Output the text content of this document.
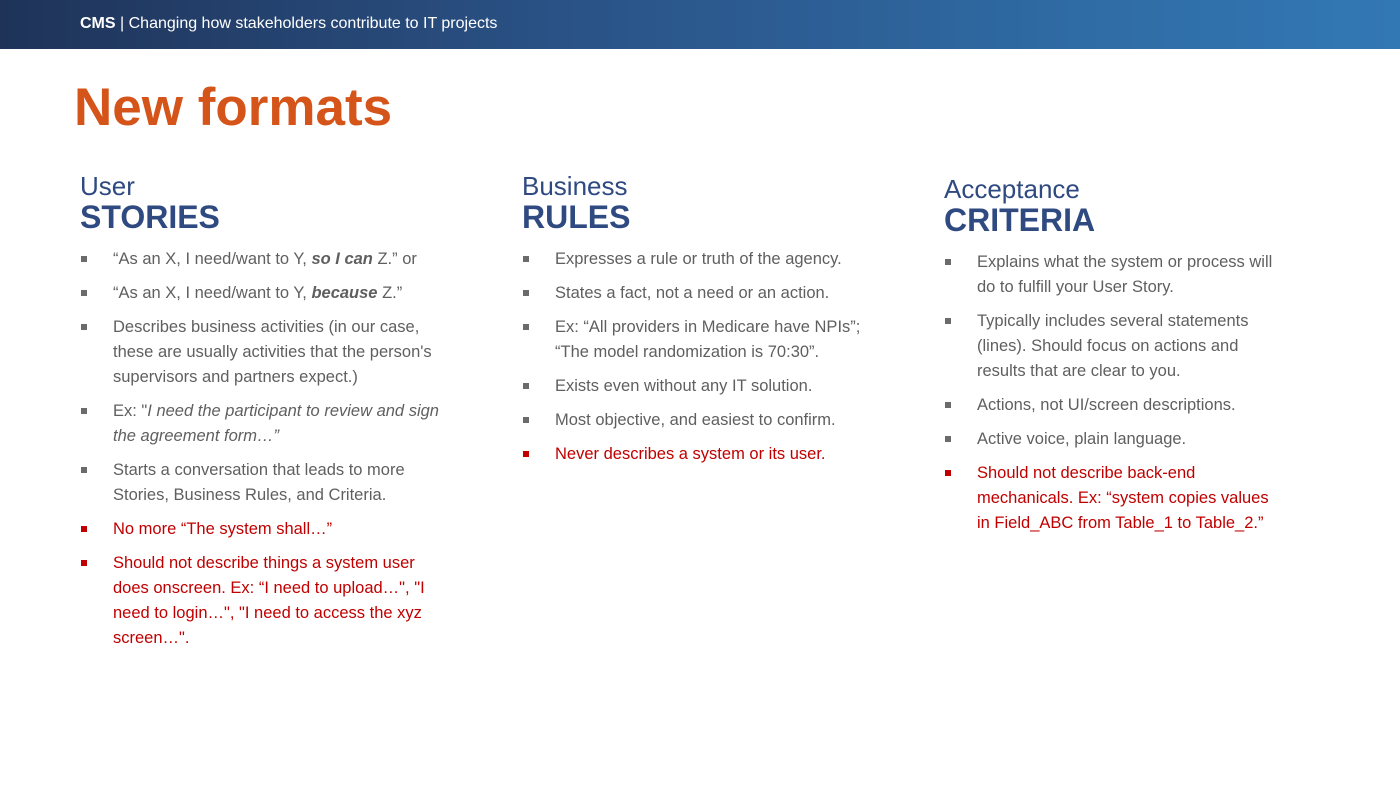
CMS | Changing how stakeholders contribute to IT projects
New formats
User
STORIES
“As an X, I need/want to Y, so I can Z.” or
“As an X, I need/want to Y, because Z.”
Describes business activities (in our case, these are usually activities that the person's supervisors and partners expect.)
Ex: "I need the participant to review and sign the agreement form…”
Starts a conversation that leads to more Stories, Business Rules, and Criteria.
No more “The system shall…”
Should not describe things a system user does onscreen. Ex: “I need to upload…", "I need to login…", "I need to access the xyz screen…".
Business
RULES
Expresses a rule or truth of the agency.
States a fact, not a need or an action.
Ex: “All providers in Medicare have NPIs”; “The model randomization is 70:30”.
Exists even without any IT solution.
Most objective, and easiest to confirm.
Never describes a system or its user.
Acceptance
CRITERIA
Explains what the system or process will do to fulfill your User Story.
Typically includes several statements (lines). Should focus on actions and results that are clear to you.
Actions, not UI/screen descriptions.
Active voice, plain language.
Should not describe back-end mechanicals. Ex: “system copies values in Field_ABC from Table_1 to Table_2.”
